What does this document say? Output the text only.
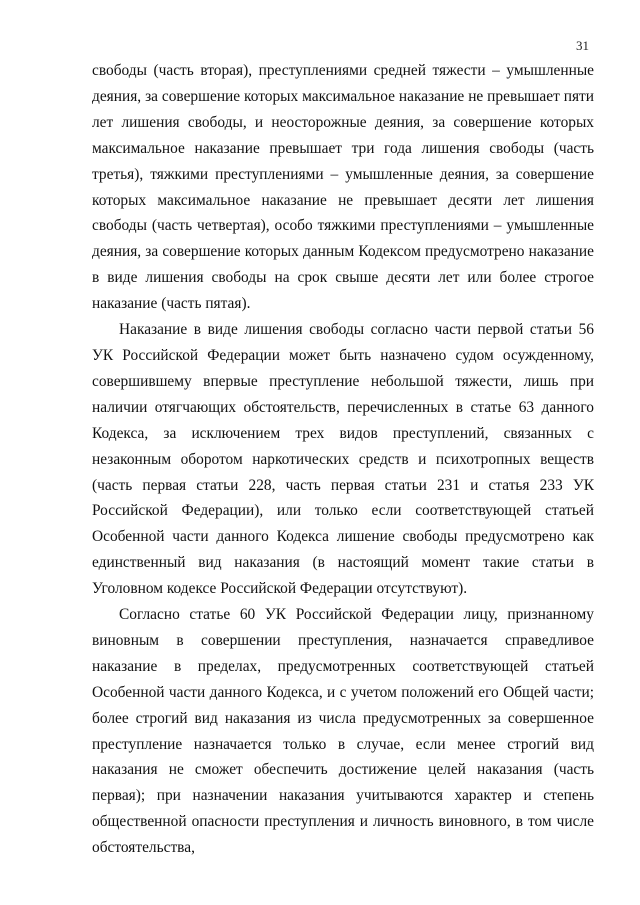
31

свободы (часть вторая), преступлениями средней тяжести – умышленные деяния, за совершение которых максимальное наказание не превышает пяти лет лишения свободы, и неосторожные деяния, за совершение которых максимальное наказание превышает три года лишения свободы (часть третья), тяжкими преступлениями – умышленные деяния, за совершение которых максимальное наказание не превышает десяти лет лишения свободы (часть четвертая), особо тяжкими преступлениями – умышленные деяния, за совершение которых данным Кодексом предусмотрено наказание в виде лишения свободы на срок свыше десяти лет или более строгое наказание (часть пятая).

Наказание в виде лишения свободы согласно части первой статьи 56 УК Российской Федерации может быть назначено судом осужденному, совершившему впервые преступление небольшой тяжести, лишь при наличии отягчающих обстоятельств, перечисленных в статье 63 данного Кодекса, за исключением трех видов преступлений, связанных с незаконным оборотом наркотических средств и психотропных веществ (часть первая статьи 228, часть первая статьи 231 и статья 233 УК Российской Федерации), или только если соответствующей статьей Особенной части данного Кодекса лишение свободы предусмотрено как единственный вид наказания (в настоящий момент такие статьи в Уголовном кодексе Российской Федерации отсутствуют).

Согласно статье 60 УК Российской Федерации лицу, признанному виновным в совершении преступления, назначается справедливое наказание в пределах, предусмотренных соответствующей статьей Особенной части данного Кодекса, и с учетом положений его Общей части; более строгий вид наказания из числа предусмотренных за совершенное преступление назначается только в случае, если менее строгий вид наказания не сможет обеспечить достижение целей наказания (часть первая); при назначении наказания учитываются характер и степень общественной опасности преступления и личность виновного, в том числе обстоятельства,
